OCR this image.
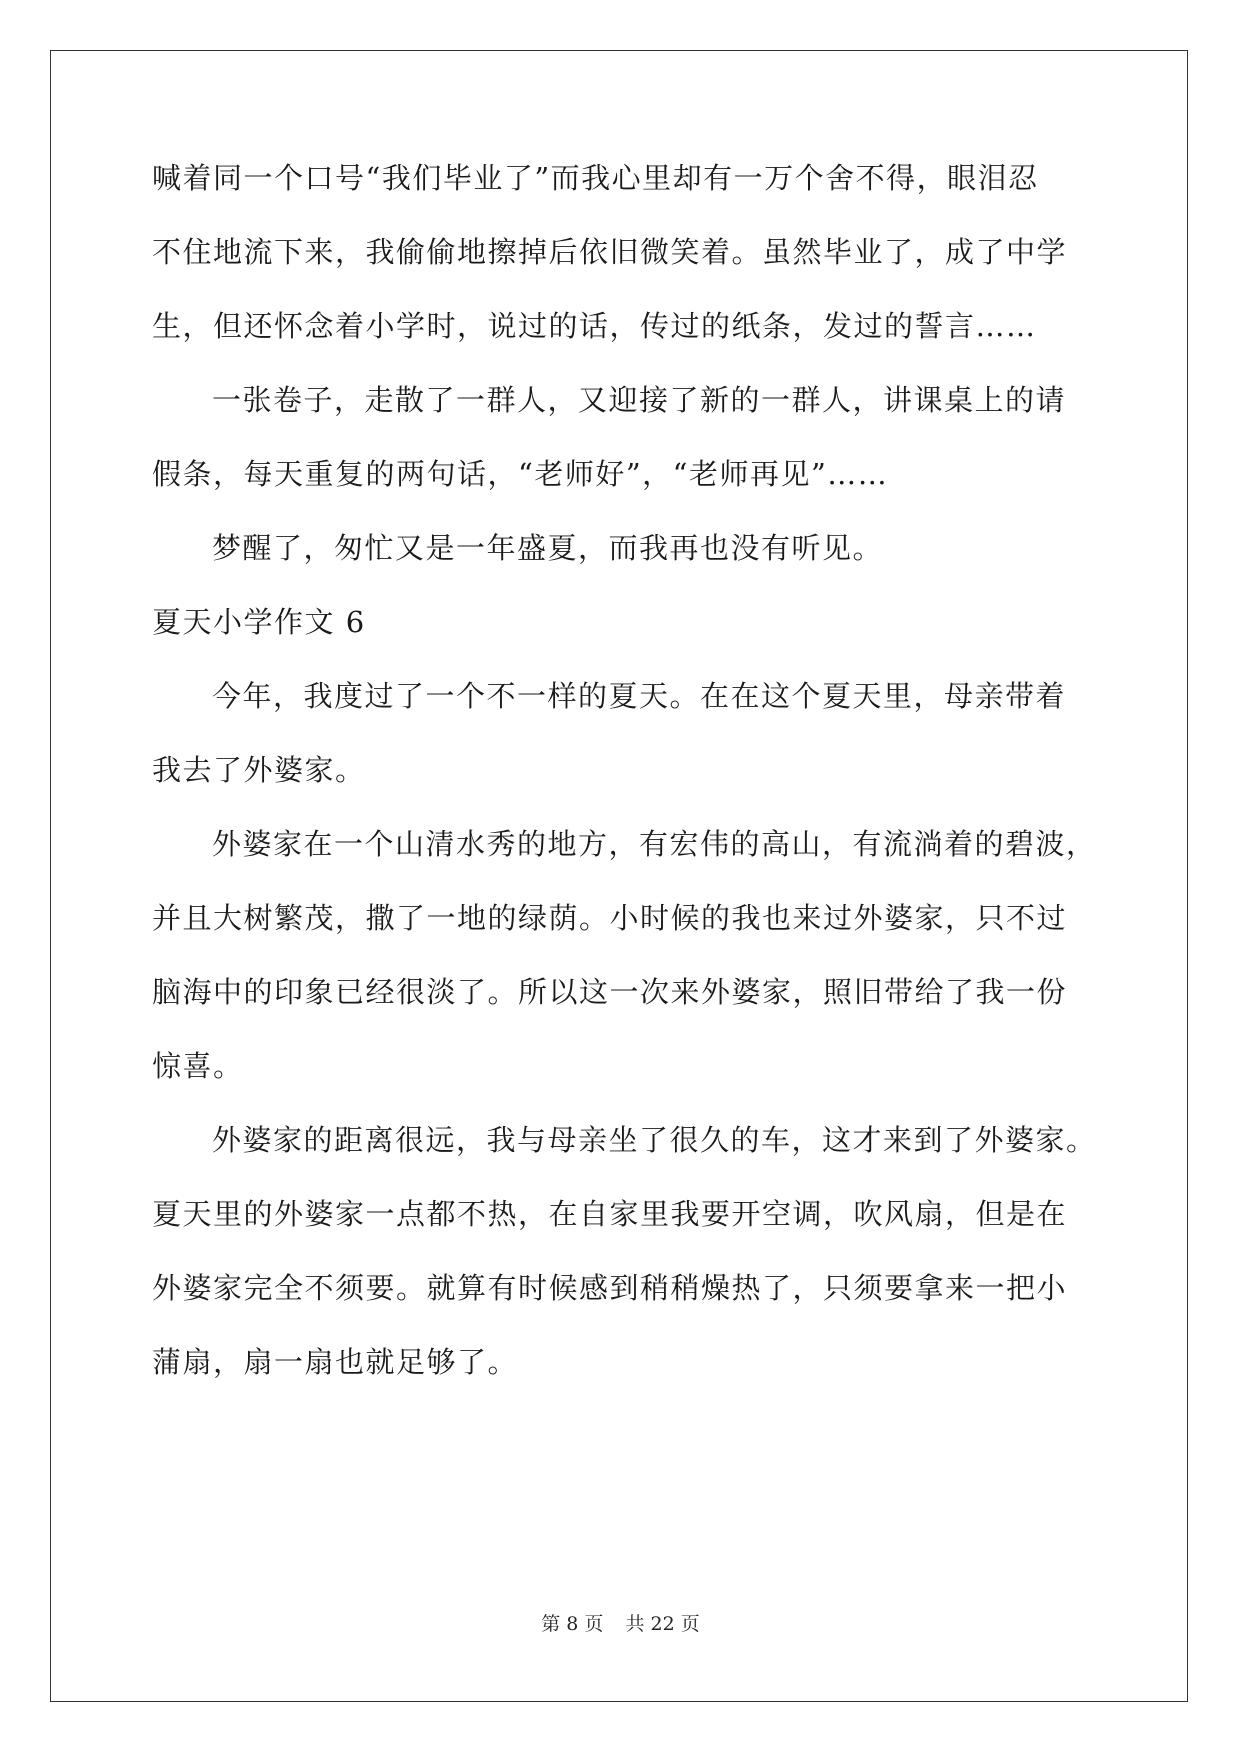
喊着同一个口号“我们毕业了”而我心里却有一万个舍不得，眼泪忍
不住地流下来，我偷偷地擦掉后依旧微笑着。虽然毕业了，成了中学
生，但还怀念着小学时，说过的话，传过的纸条，发过的誓言……
一张卷子，走散了一群人，又迎接了新的一群人，讲课桌上的请
假条，每天重复的两句话，“老师好”，“老师再见”……
梦醒了，匆忙又是一年盛夏，而我再也没有听见。
夏天小学作文 6
今年，我度过了一个不一样的夏天。在在这个夏天里，母亲带着
我去了外婆家。
外婆家在一个山清水秀的地方，有宏伟的高山，有流淌着的碧波，
并且大树繁茂，撒了一地的绿荫。小时候的我也来过外婆家，只不过
脑海中的印象已经很淡了。所以这一次来外婆家，照旧带给了我一份
惊喜。
外婆家的距离很远，我与母亲坐了很久的车，这才来到了外婆家。
夏天里的外婆家一点都不热，在自家里我要开空调，吹风扇，但是在
外婆家完全不须要。就算有时候感到稍稍燥热了，只须要拿来一把小
蒲扇，扇一扇也就足够了。
第 8 页 共 22 页
